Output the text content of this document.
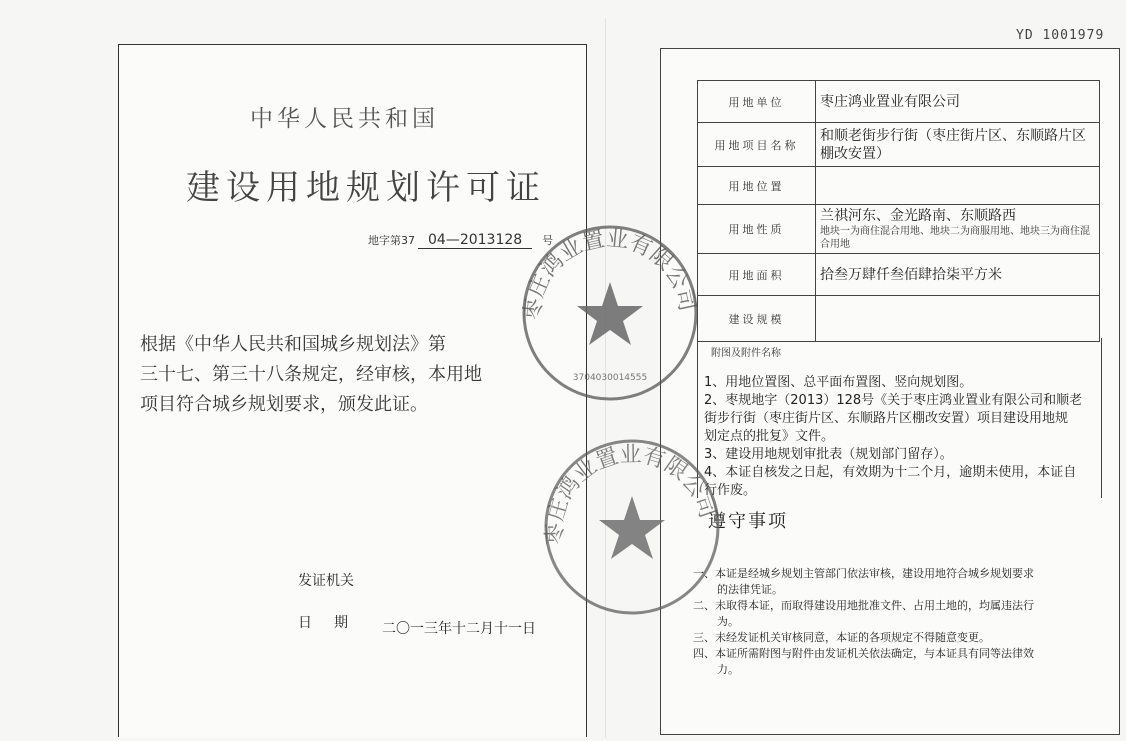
YD 1001979
中华人民共和国
建设用地规划许可证
地字第37 04—2013128 号
根据《中华人民共和国城乡规划法》第
三十七、第三十八条规定，经审核，本用地
项目符合城乡规划要求，颁发此证。
发证机关
日期 二〇一三年十二月十一日
用地单位	枣庄鸿业置业有限公司
用地项目名称	和顺老街步行街（枣庄街片区、东顺路片区棚改安置）
用地位置	
用地性质	兰祺河东、金光路南、东顺路西
地块一为商住混合用地、地块二为商服用地、地块三为商住混合用地

用地面积	拾叁万肆仟叁佰肆拾柒平方米
建设规模	
附图及附件名称
1、用地位置图、总平面布置图、竖向规划图。
2、枣规地字（2013）128号《关于枣庄鸿业置业有限公司和顺老
街步行街（枣庄街片区、东顺路片区棚改安置）项目建设用地规
划定点的批复》文件。
3、建设用地规划审批表（规划部门留存）。
4、本证自核发之日起，有效期为十二个月，逾期未使用，本证自
行作废。
遵守事项
一、本证是经城乡规划主管部门依法审核，建设用地符合城乡规划要求
的法律凭证。
二、未取得本证，而取得建设用地批准文件、占用土地的，均属违法行
为。
三、未经发证机关审核同意，本证的各项规定不得随意变更。
四、本证所需附图与附件由发证机关依法确定，与本证具有同等法律效
力。
枣庄鸿业置业有限公司
3704030014555
枣庄鸿业置业有限公司
